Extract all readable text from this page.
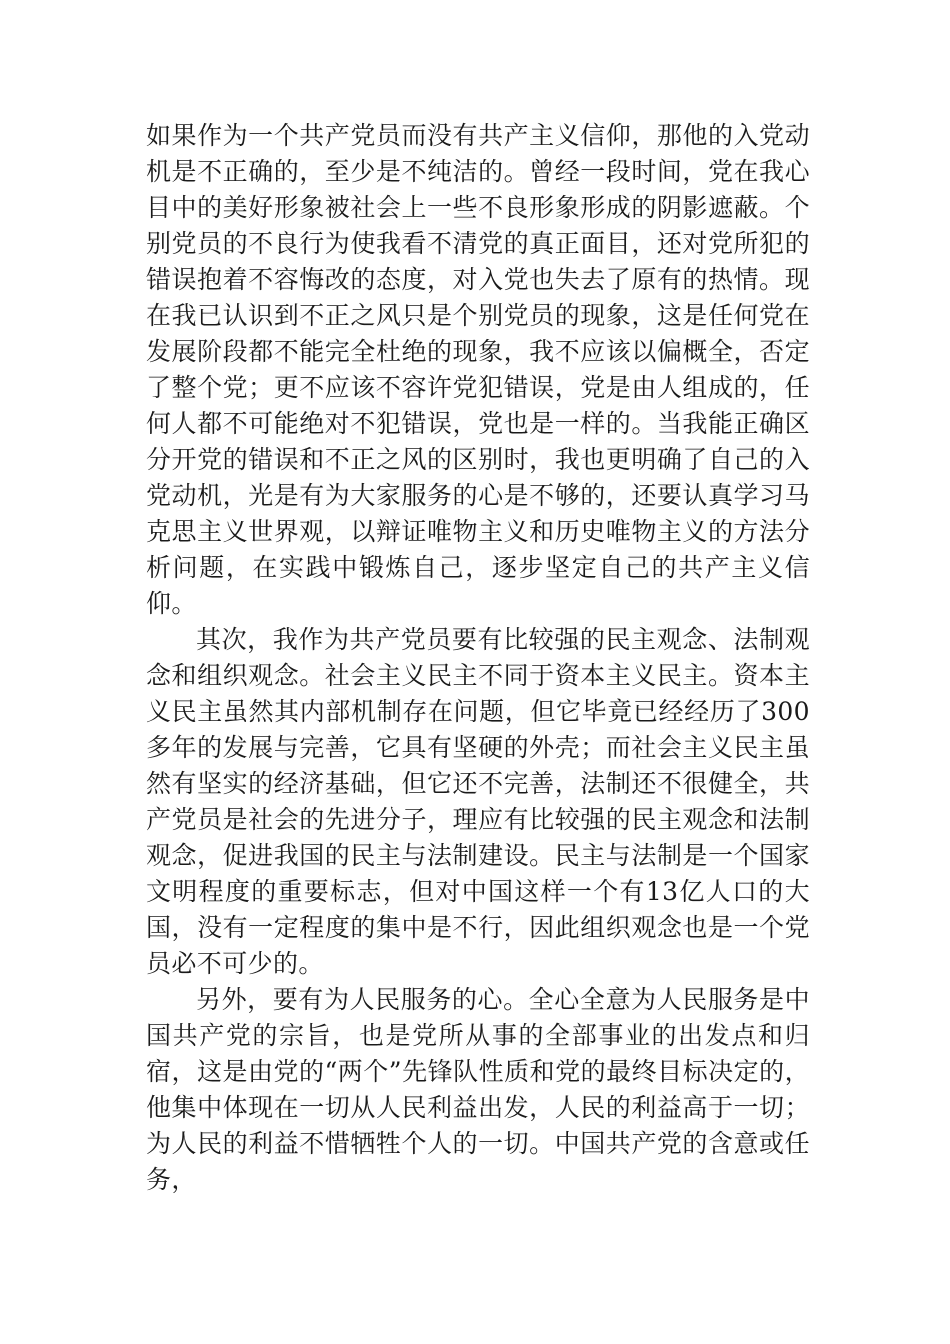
如果作为一个共产党员而没有共产主义信仰，那他的入党动机是不正确的，至少是不纯洁的。曾经一段时间，党在我心目中的美好形象被社会上一些不良形象形成的阴影遮蔽。个别党员的不良行为使我看不清党的真正面目，还对党所犯的错误抱着不容悔改的态度，对入党也失去了原有的热情。现在我已认识到不正之风只是个别党员的现象，这是任何党在发展阶段都不能完全杜绝的现象，我不应该以偏概全，否定了整个党；更不应该不容许党犯错误，党是由人组成的，任何人都不可能绝对不犯错误，党也是一样的。当我能正确区分开党的错误和不正之风的区别时，我也更明确了自己的入党动机，光是有为大家服务的心是不够的，还要认真学习马克思主义世界观，以辩证唯物主义和历史唯物主义的方法分析问题，在实践中锻炼自己，逐步坚定自己的共产主义信仰。

其次，我作为共产党员要有比较强的民主观念、法制观念和组织观念。社会主义民主不同于资本主义民主。资本主义民主虽然其内部机制存在问题，但它毕竟已经经历了300多年的发展与完善，它具有坚硬的外壳；而社会主义民主虽然有坚实的经济基础，但它还不完善，法制还不很健全，共产党员是社会的先进分子，理应有比较强的民主观念和法制观念，促进我国的民主与法制建设。民主与法制是一个国家文明程度的重要标志，但对中国这样一个有13亿人口的大国，没有一定程度的集中是不行，因此组织观念也是一个党员必不可少的。

另外，要有为人民服务的心。全心全意为人民服务是中国共产党的宗旨，也是党所从事的全部事业的出发点和归宿，这是由党的“两个”先锋队性质和党的最终目标决定的，他集中体现在一切从人民利益出发，人民的利益高于一切；为人民的利益不惜牺牲个人的一切。中国共产党的含意或任务，
